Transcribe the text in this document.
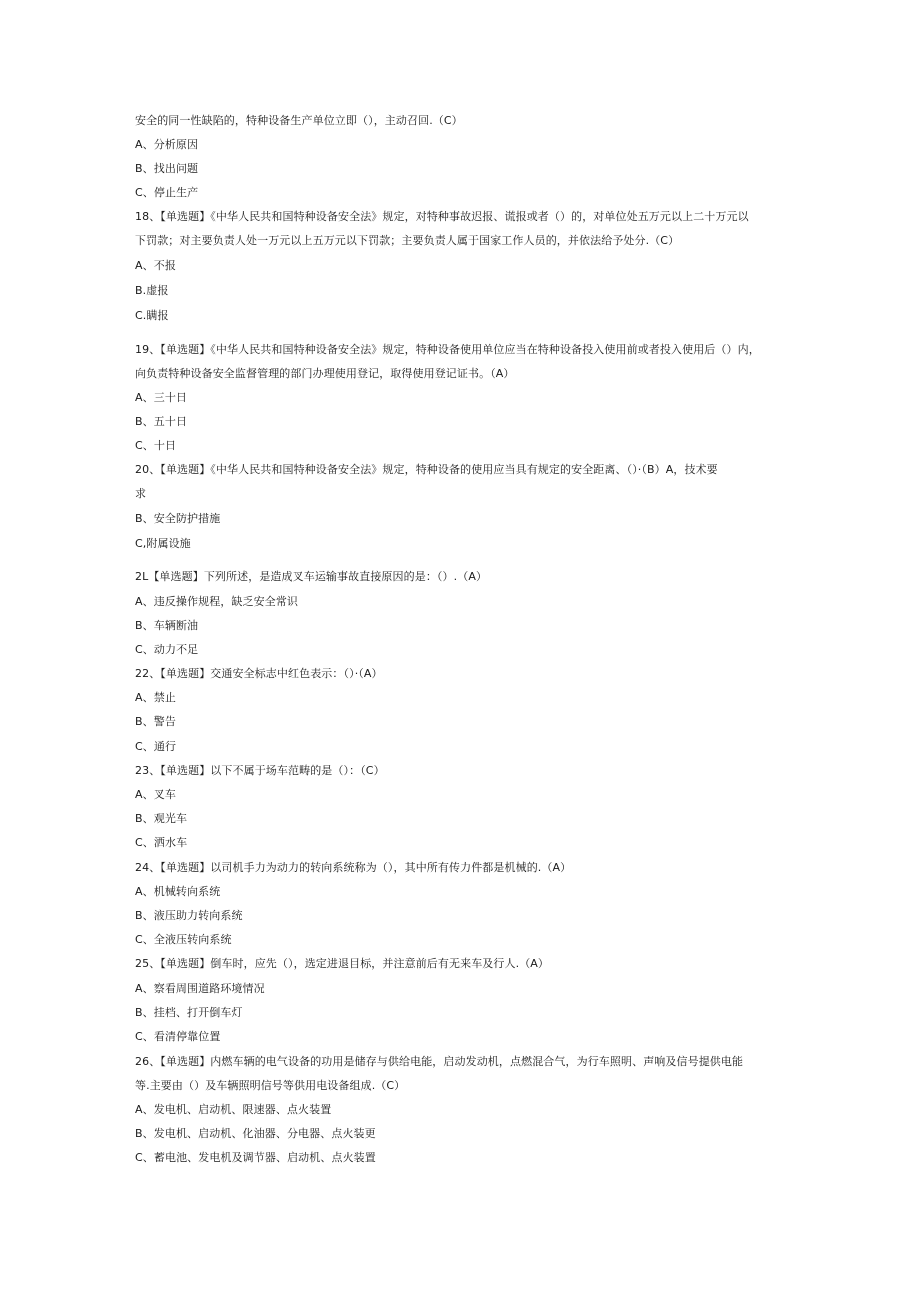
安全的同一性缺陷的，特种设备生产单位立即（），主动召回.（C）
A、分析原因
B、找出问题
C、停止生产
18、【单选题】《中华人民共和国特种设备安全法》规定，对特种事故迟报、谎报或者（）的，对单位处五万元以上二十万元以
下罚款；对主要负责人处一万元以上五万元以下罚款；主要负责人属于国家工作人员的，并依法给予处分.（C）
A、不报
B.虚报
C.瞒报
19、【单选题】《中华人民共和国特种设备安全法》规定，特种设备使用单位应当在特种设备投入使用前或者投入使用后（）内，
向负责特种设备安全监督管理的部门办理使用登记，取得使用登记证书。（A）
A、三十日
B、五十日
C、十日
20、【单选题】《中华人民共和国特种设备安全法》规定，特种设备的使用应当具有规定的安全距离、（）·（B）A，技术要
求
B、安全防护措施
C,附属设施
2L【单选题】下列所述，是造成叉车运输事故直接原因的是：（）.（A）
A、违反操作规程，缺乏安全常识
B、车辆断油
C、动力不足
22、【单选题】交通安全标志中红色表示：（）·（A）
A、禁止
B、警告
C、通行
23、【单选题】以下不属于场车范畴的是（）：（C）
A、叉车
B、观光车
C、洒水车
24、【单选题】以司机手力为动力的转向系统称为（），其中所有传力件都是机械的.（A）
A、机械转向系统
B、液压助力转向系统
C、全液压转向系统
25、【单选题】倒车时，应先（），选定进退目标，并注意前后有无来车及行人.（A）
A、察看周围道路环境情况
B、挂档、打开倒车灯
C、看清停靠位置
26、【单选题】内燃车辆的电气设备的功用是储存与供给电能，启动发动机，点燃混合气，为行车照明、声响及信号提供电能
等.主要由（）及车辆照明信号等供用电设备组成.（C）
A、发电机、启动机、限速器、点火装置
B、发电机、启动机、化油器、分电器、点火装更
C、蓄电池、发电机及调节器、启动机、点火装置
